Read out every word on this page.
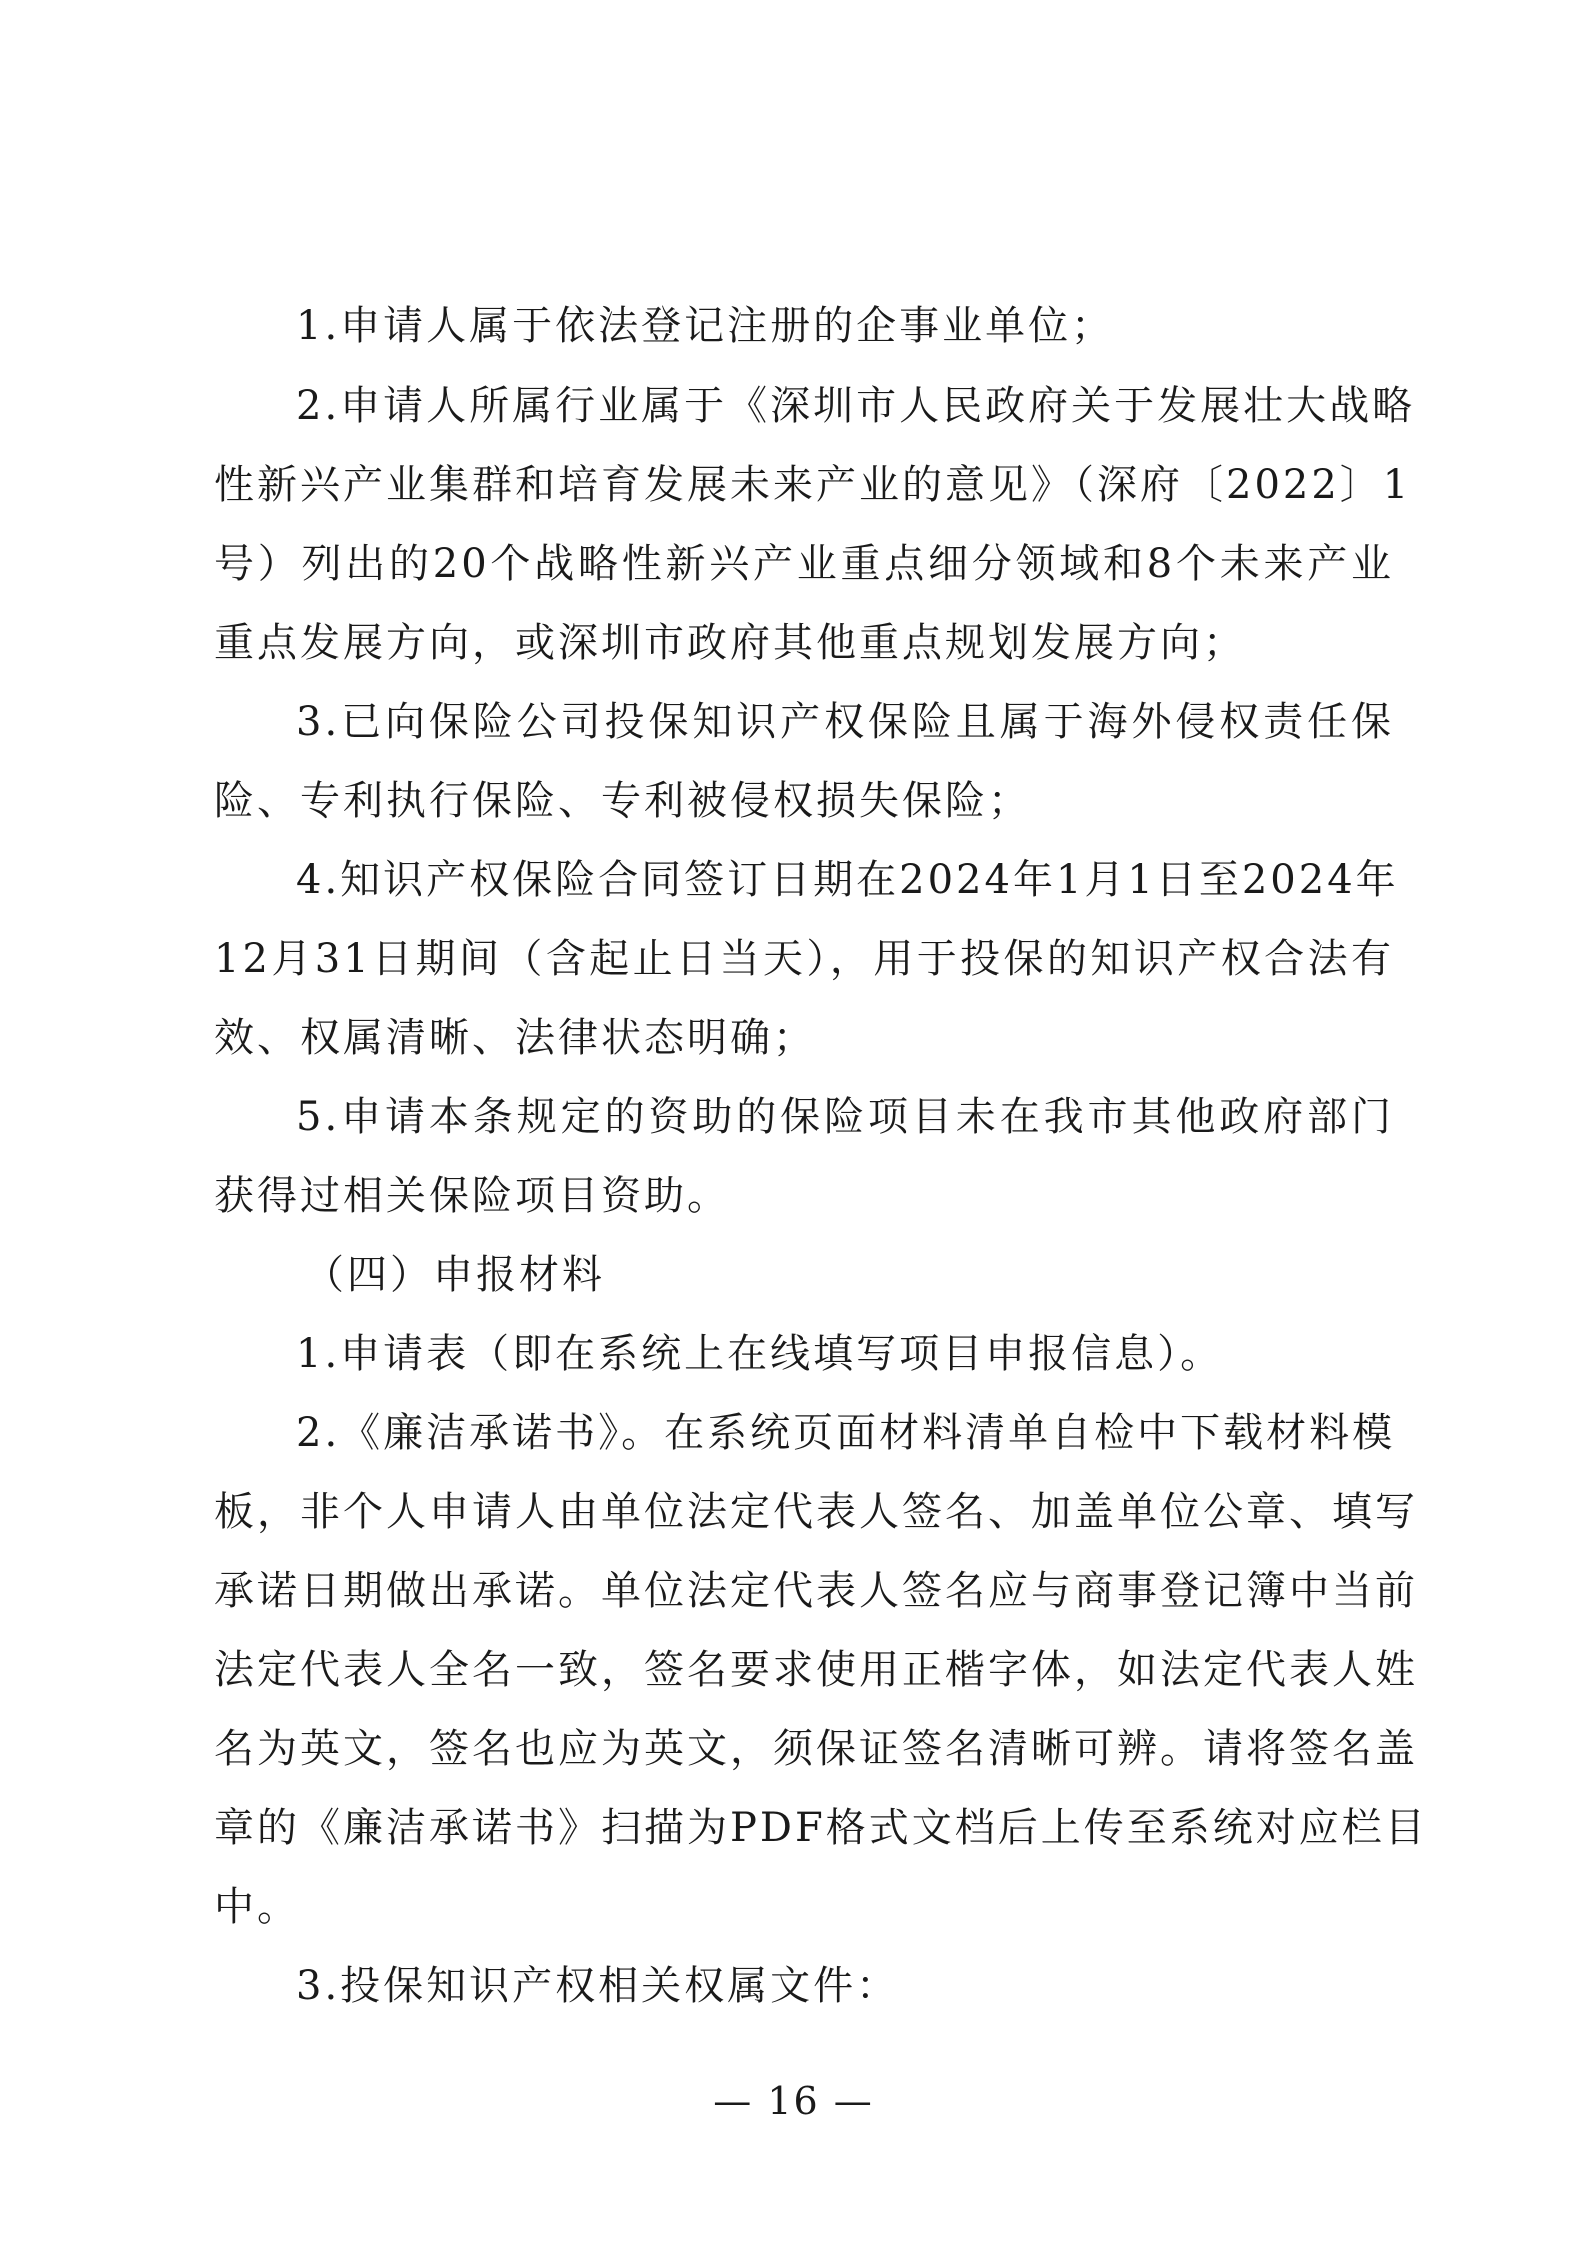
1.申请人属于依法登记注册的企事业单位；
2.申请人所属行业属于《深圳市人民政府关于发展壮大战略
性新兴产业集群和培育发展未来产业的意见》（深府〔2022〕1
号）列出的20个战略性新兴产业重点细分领域和8个未来产业
重点发展方向，或深圳市政府其他重点规划发展方向；
3.已向保险公司投保知识产权保险且属于海外侵权责任保
险、专利执行保险、专利被侵权损失保险；
4.知识产权保险合同签订日期在2024年1月1日至2024年
12月31日期间（含起止日当天），用于投保的知识产权合法有
效、权属清晰、法律状态明确；
5.申请本条规定的资助的保险项目未在我市其他政府部门
获得过相关保险项目资助。
（四）申报材料
1.申请表（即在系统上在线填写项目申报信息）。
2.《廉洁承诺书》。在系统页面材料清单自检中下载材料模
板，非个人申请人由单位法定代表人签名、加盖单位公章、填写
承诺日期做出承诺。单位法定代表人签名应与商事登记簿中当前
法定代表人全名一致，签名要求使用正楷字体，如法定代表人姓
名为英文，签名也应为英文，须保证签名清晰可辨。请将签名盖
章的《廉洁承诺书》扫描为PDF格式文档后上传至系统对应栏目
中。
3.投保知识产权相关权属文件：
— 16 —
